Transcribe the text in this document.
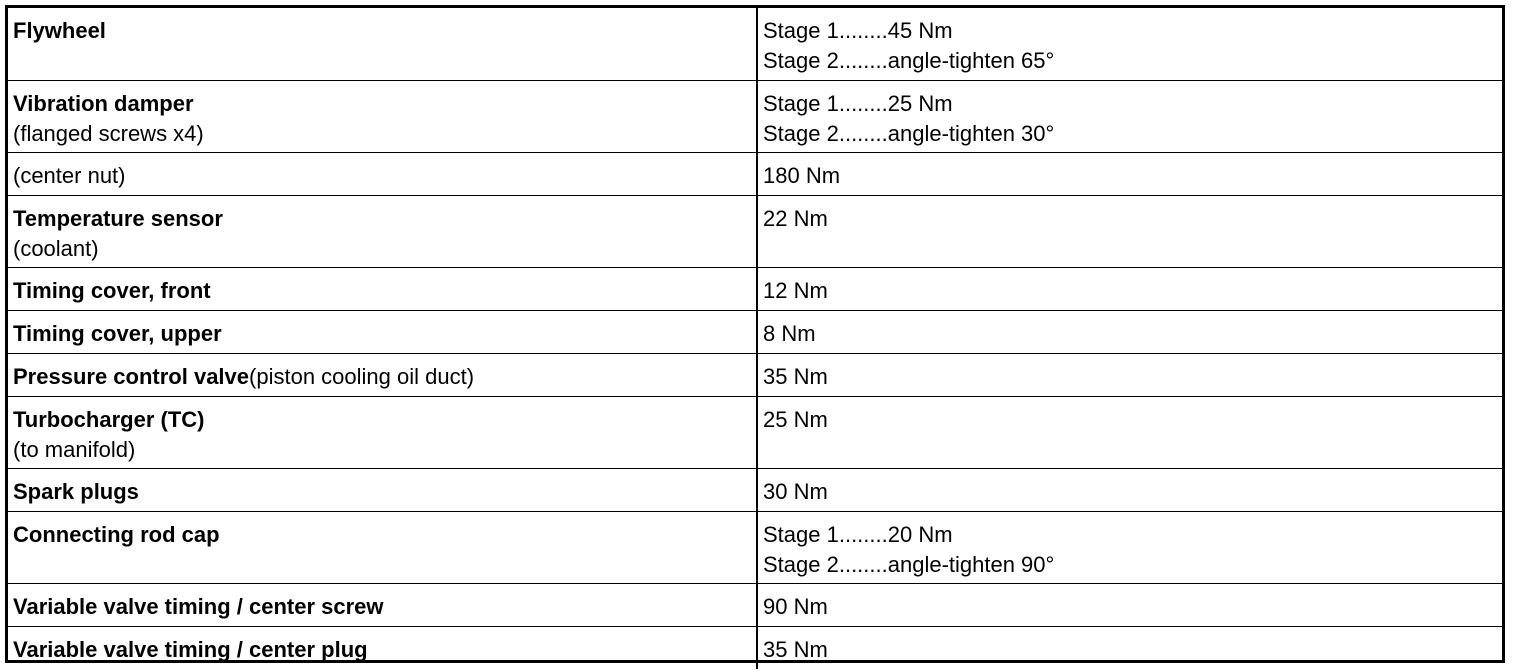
Flywheel	Stage 1........45 Nm
Stage 2........angle-tighten 65°

Vibration damper
(flanged screws x4)	Stage 1........25 Nm
Stage 2........angle-tighten 30°

(center nut)	180 Nm

Temperature sensor
(coolant)	22 Nm

Timing cover, front	12 Nm

Timing cover, upper	8 Nm

Pressure control valve(piston cooling oil duct)	35 Nm

Turbocharger (TC)
(to manifold)	25 Nm

Spark plugs	30 Nm

Connecting rod cap	Stage 1........20 Nm
Stage 2........angle-tighten 90°

Variable valve timing / center screw	90 Nm

Variable valve timing / center plug	35 Nm
